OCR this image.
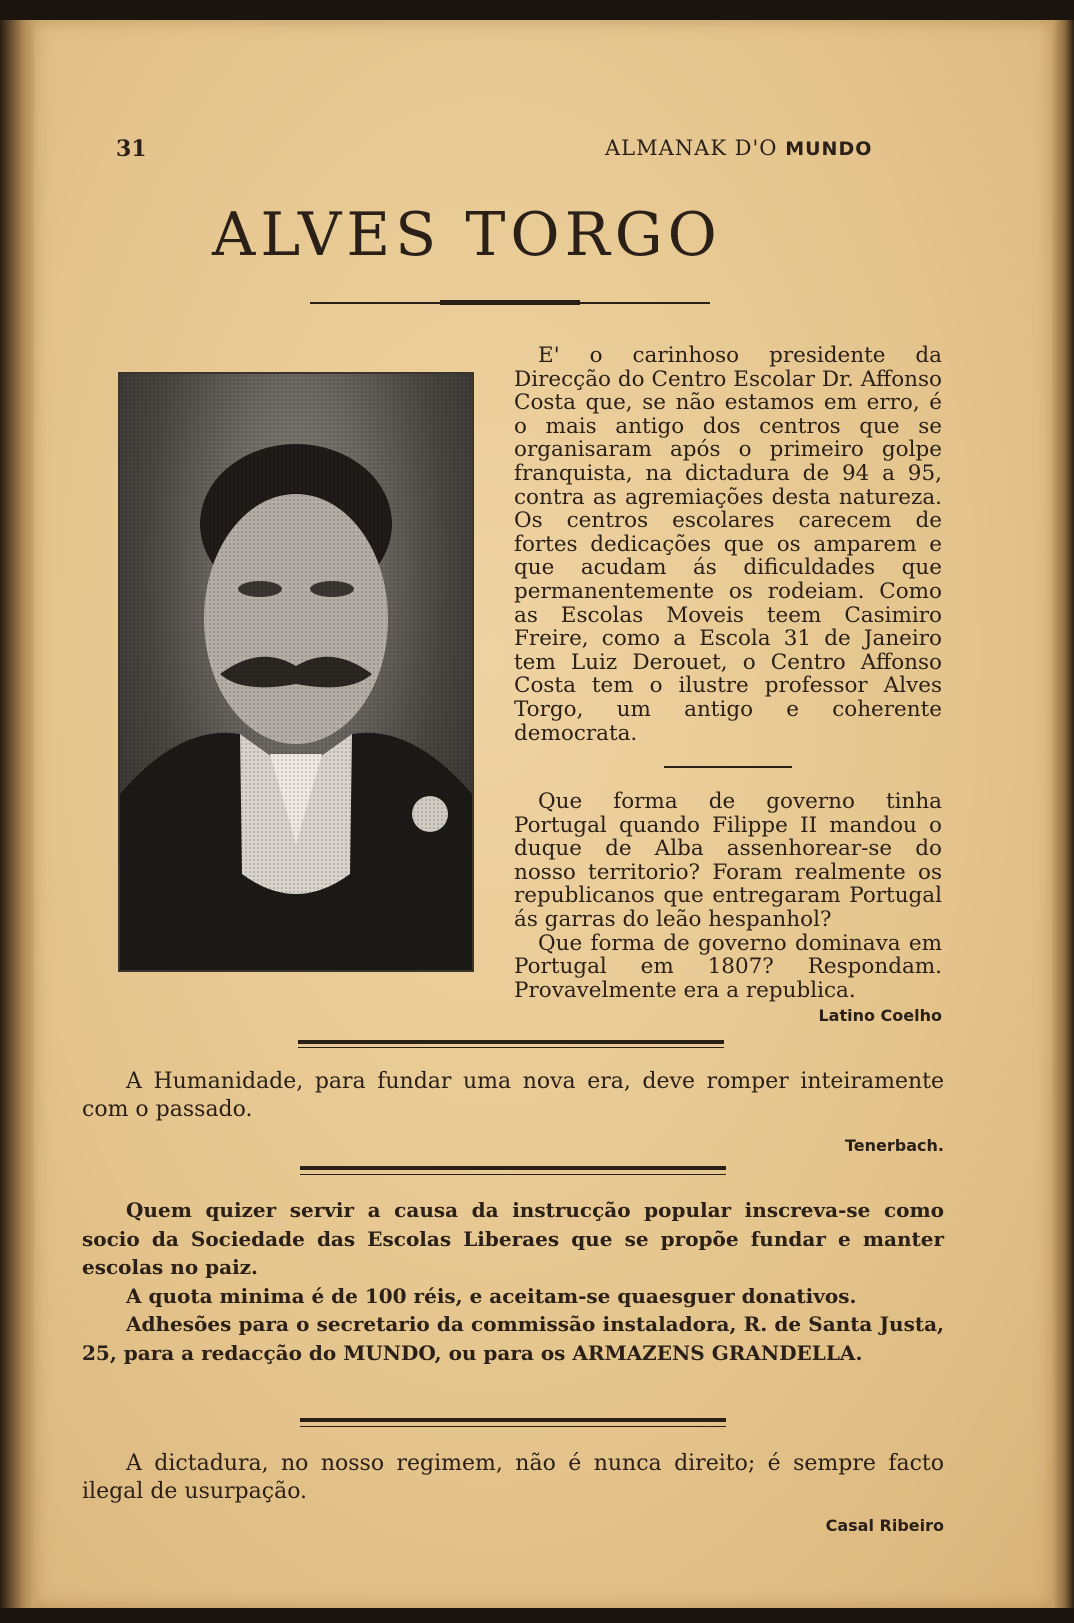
31	ALMANAK D'O MUNDO
ALVES TORGO

E' o carinhoso presidente da Direcção do Centro Escolar Dr. Affonso Costa que, se não estamos em erro, é o mais antigo dos centros que se organisaram após o primeiro golpe franquista, na dictadura de 94 a 95, contra as agremiações desta natureza. Os centros escolares carecem de fortes dedicações que os amparem e que acudam ás dificuldades que permanentemente os rodeiam. Como as Escolas Moveis teem Casimiro Freire, como a Escola 31 de Janeiro tem Luiz Derouet, o Centro Affonso Costa tem o ilustre professor Alves Torgo, um antigo e coherente democrata.

Que forma de governo tinha Portugal quando Filippe II mandou o duque de Alba assenhorear-se do nosso territorio? Foram realmente os republicanos que entregaram Portugal ás garras do leão hespanhol?

Que forma de governo dominava em Portugal em 1807? Respondam. Provavelmente era a republica.

Latino Coelho

A Humanidade, para fundar uma nova era, deve romper inteiramente com o passado.

Tenerbach.

Quem quizer servir a causa da instrucção popular inscreva-se como socio da Sociedade das Escolas Liberaes que se propõe fundar e manter escolas no paiz.

A quota minima é de 100 réis, e aceitam-se quaesguer donativos.

Adhesões para o secretario da commissão instaladora, R. de Santa Justa, 25, para a redacção do MUNDO, ou para os ARMAZENS GRANDELLA.

A dictadura, no nosso regimem, não é nunca direito; é sempre facto ilegal de usurpação.

Casal Ribeiro
